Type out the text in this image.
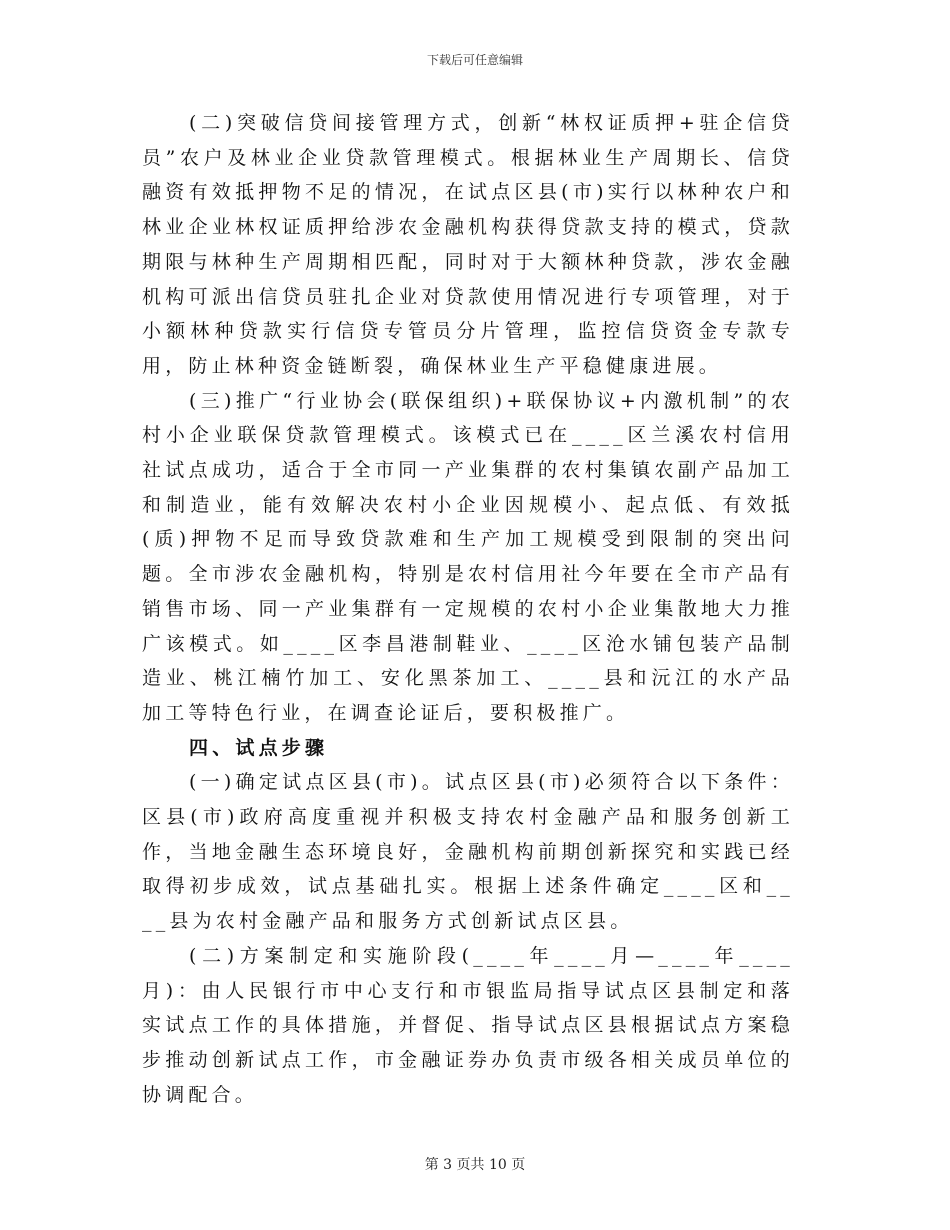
下载后可任意编辑

(二)突破信贷间接管理方式，创新“林权证质押+驻企信贷员”农户及林业企业贷款管理模式。根据林业生产周期长、信贷融资有效抵押物不足的情况，在试点区县(市)实行以林种农户和林业企业林权证质押给涉农金融机构获得贷款支持的模式，贷款期限与林种生产周期相匹配，同时对于大额林种贷款，涉农金融机构可派出信贷员驻扎企业对贷款使用情况进行专项管理，对于小额林种贷款实行信贷专管员分片管理，监控信贷资金专款专用，防止林种资金链断裂，确保林业生产平稳健康进展。

(三)推广“行业协会(联保组织)+联保协议+内激机制”的农村小企业联保贷款管理模式。该模式已在____区兰溪农村信用社试点成功，适合于全市同一产业集群的农村集镇农副产品加工和制造业，能有效解决农村小企业因规模小、起点低、有效抵(质)押物不足而导致贷款难和生产加工规模受到限制的突出问题。全市涉农金融机构，特别是农村信用社今年要在全市产品有销售市场、同一产业集群有一定规模的农村小企业集散地大力推广该模式。如____区李昌港制鞋业、____区沧水铺包装产品制造业、桃江楠竹加工、安化黑茶加工、____县和沅江的水产品加工等特色行业，在调查论证后，要积极推广。

四、试点步骤

(一)确定试点区县(市)。试点区县(市)必须符合以下条件：区县(市)政府高度重视并积极支持农村金融产品和服务创新工作，当地金融生态环境良好，金融机构前期创新探究和实践已经取得初步成效，试点基础扎实。根据上述条件确定____区和____县为农村金融产品和服务方式创新试点区县。

(二)方案制定和实施阶段(____年____月—____年____月)：由人民银行市中心支行和市银监局指导试点区县制定和落实试点工作的具体措施，并督促、指导试点区县根据试点方案稳步推动创新试点工作，市金融证券办负责市级各相关成员单位的协调配合。

第 3 页共 10 页
